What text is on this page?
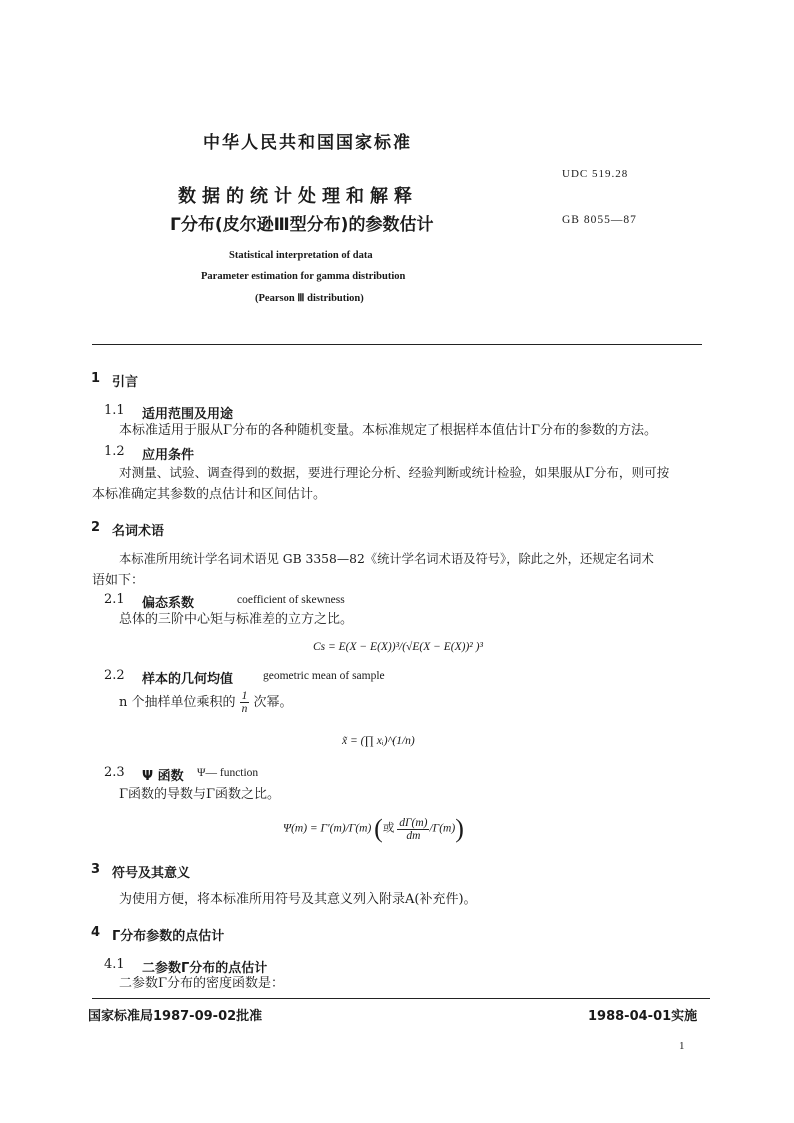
中华人民共和国国家标准
UDC 519.28
数据的统计处理和解释
Γ分布(皮尔逊Ⅲ型分布)的参数估计	GB 8055—87
Statistical interpretation of data
Parameter estimation for gamma distribution
(Pearson Ⅲ distribution)
1 引言
1.1 适用范围及用途
本标准适用于服从Γ分布的各种随机变量。本标准规定了根据样本值估计Γ分布的参数的方法。
1.2 应用条件
对测量、试验、调查得到的数据，要进行理论分析、经验判断或统计检验，如果服从Γ分布，则可按
本标准确定其参数的点估计和区间估计。
2 名词术语
本标准所用统计学名词术语见 GB 3358—82《统计学名词术语及符号》，除此之外，还规定名词术
语如下：
2.1 偏态系数	coefficient of skewness
总体的三阶中心矩与标准差的立方之比。
Cs = E(X − E(X))³/(√E(X − E(X))² )³
2.2 样本的几何均值	geometric mean of sample
n 个抽样单位乘积的 $\frac{1}{n}$ 次幂。
x̃ = (∏ xᵢ)^(1/n)
2.3 Ψ 函数 Ψ— function
Γ函数的导数与Γ函数之比。
Ψ(m) = Γ′(m)/Γ(m) (或 $\frac{d\Gamma(m)}{dm} /\Gamma(m)$)
3 符号及其意义
为使用方便，将本标准所用符号及其意义列入附录A(补充件)。
4 Γ分布参数的点估计
4.1 二参数Γ分布的点估计
二参数Γ分布的密度函数是：
国家标准局1987-09-02批准	1988-04-01实施
1
